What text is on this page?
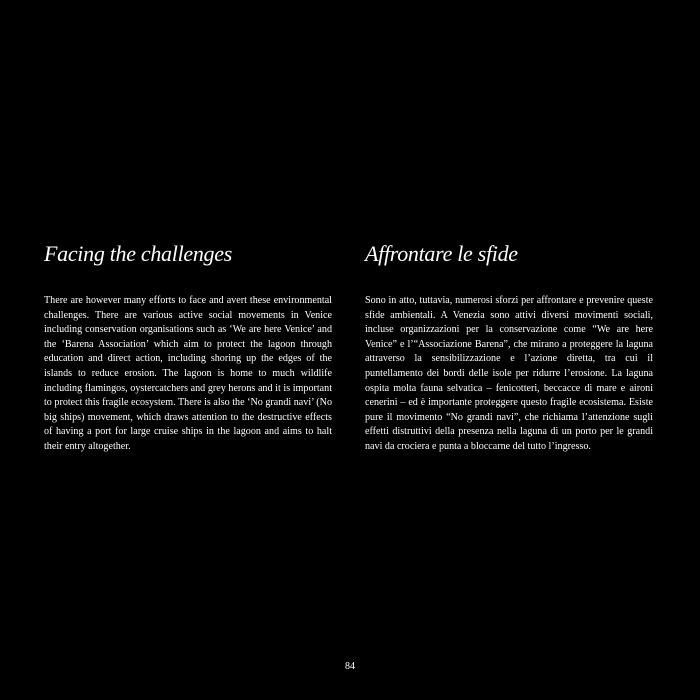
Facing the challenges

There are however many efforts to face and avert these environmental challenges. There are various active social movements in Venice including conservation organisations such as ‘We are here Venice’ and the ‘Barena Association’ which aim to protect the lagoon through education and direct action, including shoring up the edges of the islands to reduce erosion. The lagoon is home to much wildlife including flamingos, oystercatchers and grey herons and it is important to protect this fragile ecosystem. There is also the ‘No grandi navi’ (No big ships) movement, which draws attention to the destructive effects of having a port for large cruise ships in the lagoon and aims to halt their entry altogether.

Affrontare le sfide

Sono in atto, tuttavia, numerosi sforzi per affrontare e prevenire queste sfide ambientali. A Venezia sono attivi diversi movimenti sociali, incluse organizzazioni per la conservazione come “We are here Venice” e l’“Associazione Barena”, che mirano a proteggere la laguna attraverso la sensibilizzazione e l’azione diretta, tra cui il puntellamento dei bordi delle isole per ridurre l’erosione. La laguna ospita molta fauna selvatica – fenicotteri, beccacce di mare e aironi cenerini – ed è importante proteggere questo fragile ecosistema. Esiste pure il movimento “No grandi navi”, che richiama l’attenzione sugli effetti distruttivi della presenza nella laguna di un porto per le grandi navi da crociera e punta a bloccarne del tutto l’ingresso.

84
